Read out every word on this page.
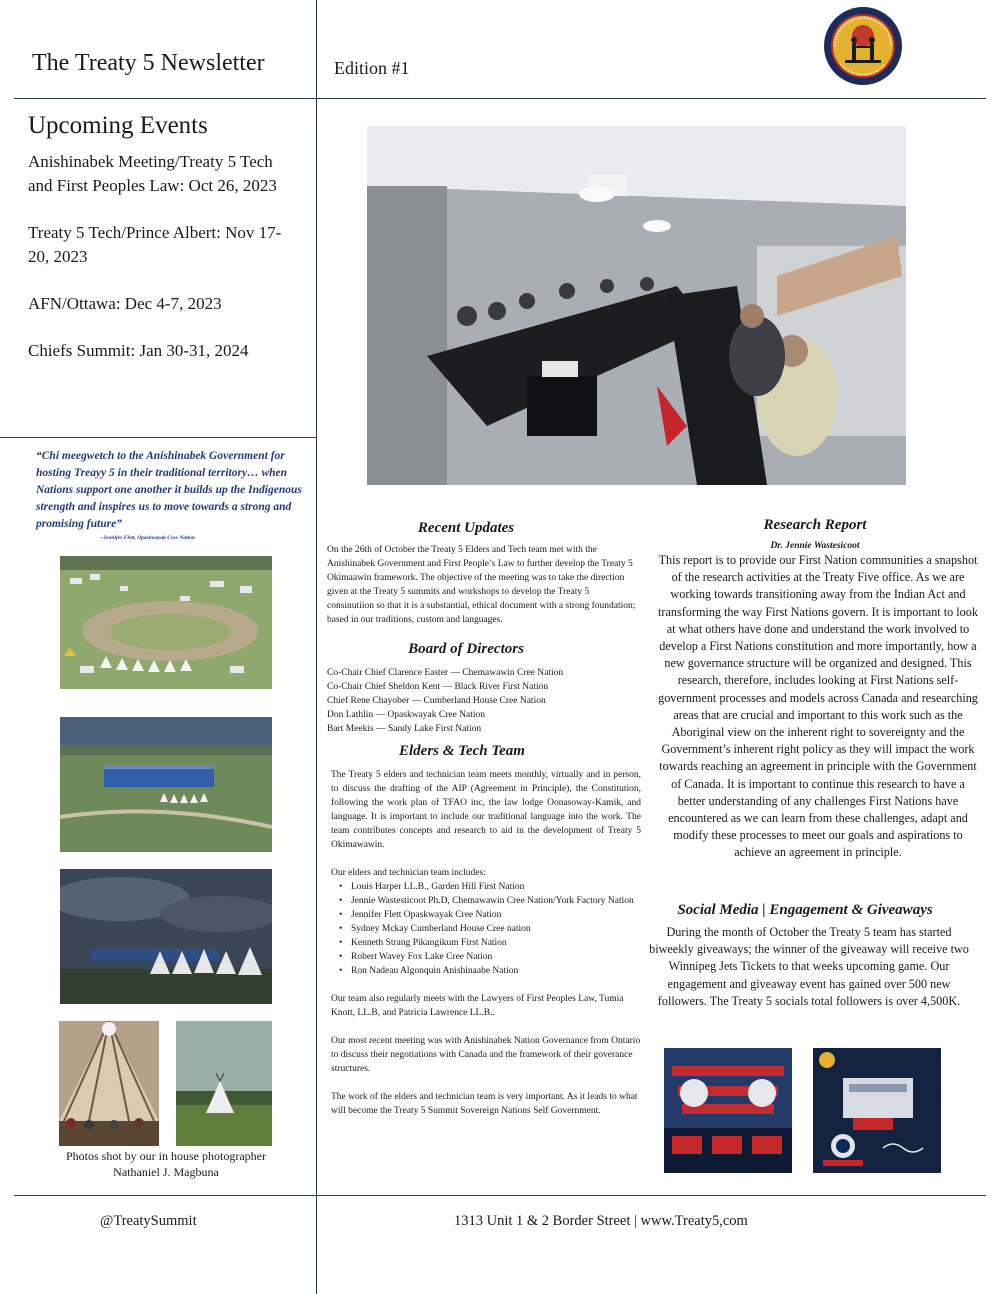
The Treaty 5 Newsletter	Edition #1
Upcoming Events

Anishinabek Meeting/Treaty 5 Tech and First Peoples Law: Oct 26, 2023

Treaty 5 Tech/Prince Albert: Nov 17-20, 2023

AFN/Ottawa: Dec 4-7, 2023

Chiefs Summit: Jan 30-31, 2024

“Chi meegwetch to the Anishinabek Government for hosting Treayy 5 in their traditional territory… when Nations support one another it builds up the Indigenous strength and inspires us to move towards a strong and promising future”
~Jennifer Flett, Opaskwayak Cree Nation
Photos shot by our in house photographer Nathaniel J. Magbuna
Recent Updates
On the 26th of October the Treaty 5 Elders and Tech team met with the Anishinabek Government and First People’s Law to further develop the Treaty 5 Okimaawin framework. The objective of the meeting was to take the direction given at the Treaty 5 summits and workshops to develop the Treaty 5 consinutiion so that it is a substantial, ethical document with a strong foundation; based in our traditions, custom and languages.
Board of Directors
Co-Chair Chief Clarence Easter — Chemawawin Cree Nation
Co-Chair Chief Sheldon Kent — Black River First Nation
Chief Rene Chayober — Cumberland House Cree Nation
Don Lathlin — Opaskwayak Cree Nation
Bart Meekis — Sandy Lake First Nation
Elders & Tech Team

The Treaty 5 elders and technician team meets monthly, virtually and in person, to discuss the drafting of the AIP (Agreement in Principle), the Constitution, following the work plan of TFAO inc, the law lodge Oonasoway-Kamik, and language. It is important to include our traditional language into the work. The team contributes concepts and research to aid in the development of Treaty 5 Okimawawin.

Our elders and technician team includes:

• Louis Harper LL.B., Garden Hill First Nation
• Jennie Wastesticoot Ph.D, Chemawawin Cree Nation/York Factory Nation
• Jennifer Flett Opaskwayak Cree Nation
• Sydney Mckay Cumberland House Cree nation
• Kenneth Strang Pikangikum First Nation
• Robert Wavey Fox Lake Cree Nation
• Ron Nadeau Algonquin Anishinaabe Nation

Our team also regularly meets with the Lawyers of First Peoples Law, Tumia Knott, LL.B, and Patricia Lawrence LL.B..

Our most recent meeting was with Anishinabek Nation Governance from Ontario to discuss their negotiations with Canada and the framework of their goverance structures.

The work of the elders and technician team is very important. As it leads to what will become the Treaty 5 Summit Sovereign Nations Self Government.

Research Report
Dr. Jennie Wastesicoot
This report is to provide our First Nation communities a snapshot of the research activities at the Treaty Five office. As we are working towards transitioning away from the Indian Act and transforming the way First Nations govern. It is important to look at what others have done and understand the work involved to develop a First Nations constitution and more importantly, how a new governance structure will be organized and designed. This research, therefore, includes looking at First Nations self-government processes and models across Canada and researching areas that are crucial and important to this work such as the Aboriginal view on the inherent right to sovereignty and the Government’s inherent right policy as they will impact the work towards reaching an agreement in principle with the Government of Canada. It is important to continue this research to have a better understanding of any challenges First Nations have encountered as we can learn from these challenges, adapt and modify these processes to meet our goals and aspirations to achieve an agreement in principle.
Social Media | Engagement & Giveaways
During the month of October the Treaty 5 team has started biweekly giveaways; the winner of the giveaway will receive two Winnipeg Jets Tickets to that weeks upcoming game. Our engagement and giveaway event has gained over 500 new followers. The Treaty 5 socials total followers is over 4,500K.
@TreatySummit	1313 Unit 1 & 2 Border Street | www.Treaty5,com
